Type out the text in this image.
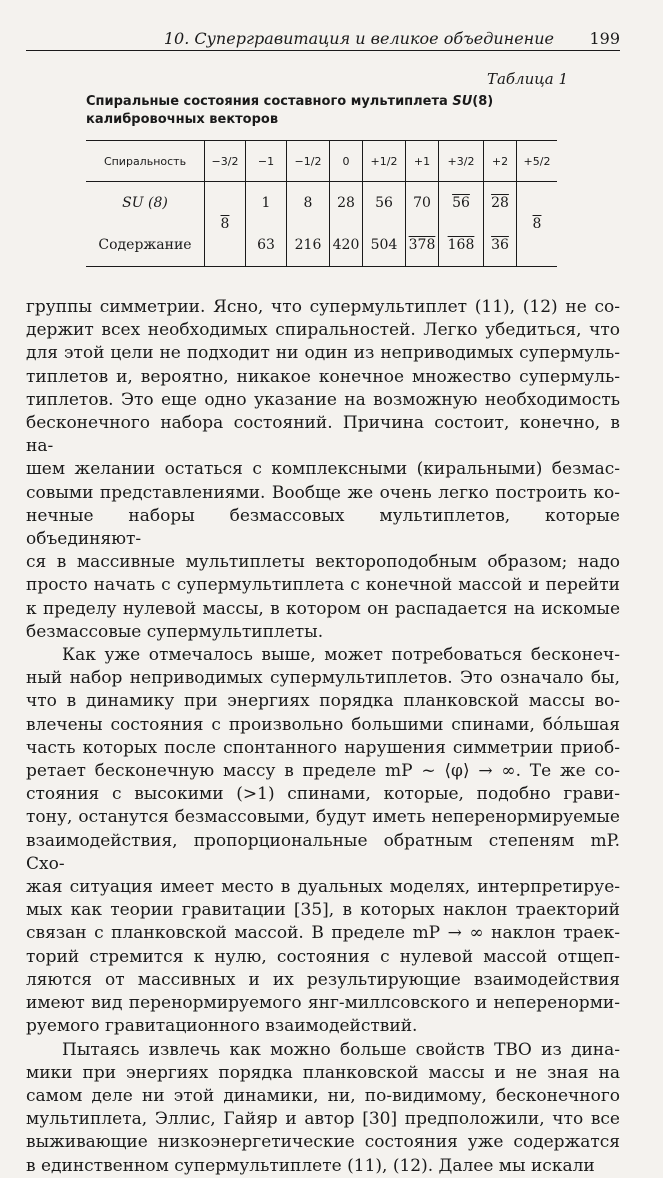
10. Супергравитация и великое объединение 199
Таблица 1
Спиральные состояния составного мультиплета SU(8)
калибровочных векторов
Спиральность	−3/2	−1	−1/2	0	+1/2	+1	+3/2	+2	+5/2
SU (8)	8	1	8	28	56	70	56	28	8
Содержание		63	216	420	504	378	168	36	

группы симметрии. Ясно, что супермультиплет (11), (12) не со-
держит всех необходимых спиральностей. Легко убедиться, что
для этой цели не подходит ни один из неприводимых супермуль-
типлетов и, вероятно, никакое конечное множество супермуль-
типлетов. Это еще одно указание на возможную необходимость
бесконечного набора состояний. Причина состоит, конечно, в на-
шем желании остаться с комплексными (киральными) безмас-
совыми представлениями. Вообще же очень легко построить ко-
нечные наборы безмассовых мультиплетов, которые объединяют-
ся в массивные мультиплеты вектороподобным образом; надо
просто начать с супермультиплета с конечной массой и перейти
к пределу нулевой массы, в котором он распадается на искомые
безмассовые супермультиплеты.

Как уже отмечалось выше, может потребоваться бесконеч-
ный набор неприводимых супермультиплетов. Это означало бы,
что в динамику при энергиях порядка планковской массы во-
влечены состояния с произвольно большими спинами, бóльшая
часть которых после спонтанного нарушения симметрии приоб-
ретает бесконечную массу в пределе mP ~ ⟨φ⟩ → ∞. Те же со-
стояния с высокими (>1) спинами, которые, подобно грави-
тону, останутся безмассовыми, будут иметь неперенормируемые
взаимодействия, пропорциональные обратным степеням mP. Схо-
жая ситуация имеет место в дуальных моделях, интерпретируе-
мых как теории гравитации [35], в которых наклон траекторий
связан с планковской массой. В пределе mP → ∞ наклон траек-
торий стремится к нулю, состояния с нулевой массой отщеп-
ляются от массивных и их результирующие взаимодействия
имеют вид перенормируемого янг-миллсовского и неперенорми-
руемого гравитационного взаимодействий.

Пытаясь извлечь как можно больше свойств ТВО из дина-
мики при энергиях порядка планковской массы и не зная на
самом деле ни этой динамики, ни, по-видимому, бесконечного
мультиплета, Эллис, Гайяр и автор [30] предположили, что все
выживающие низкоэнергетические состояния уже содержатся
в единственном супермультиплете (11), (12). Далее мы искали
